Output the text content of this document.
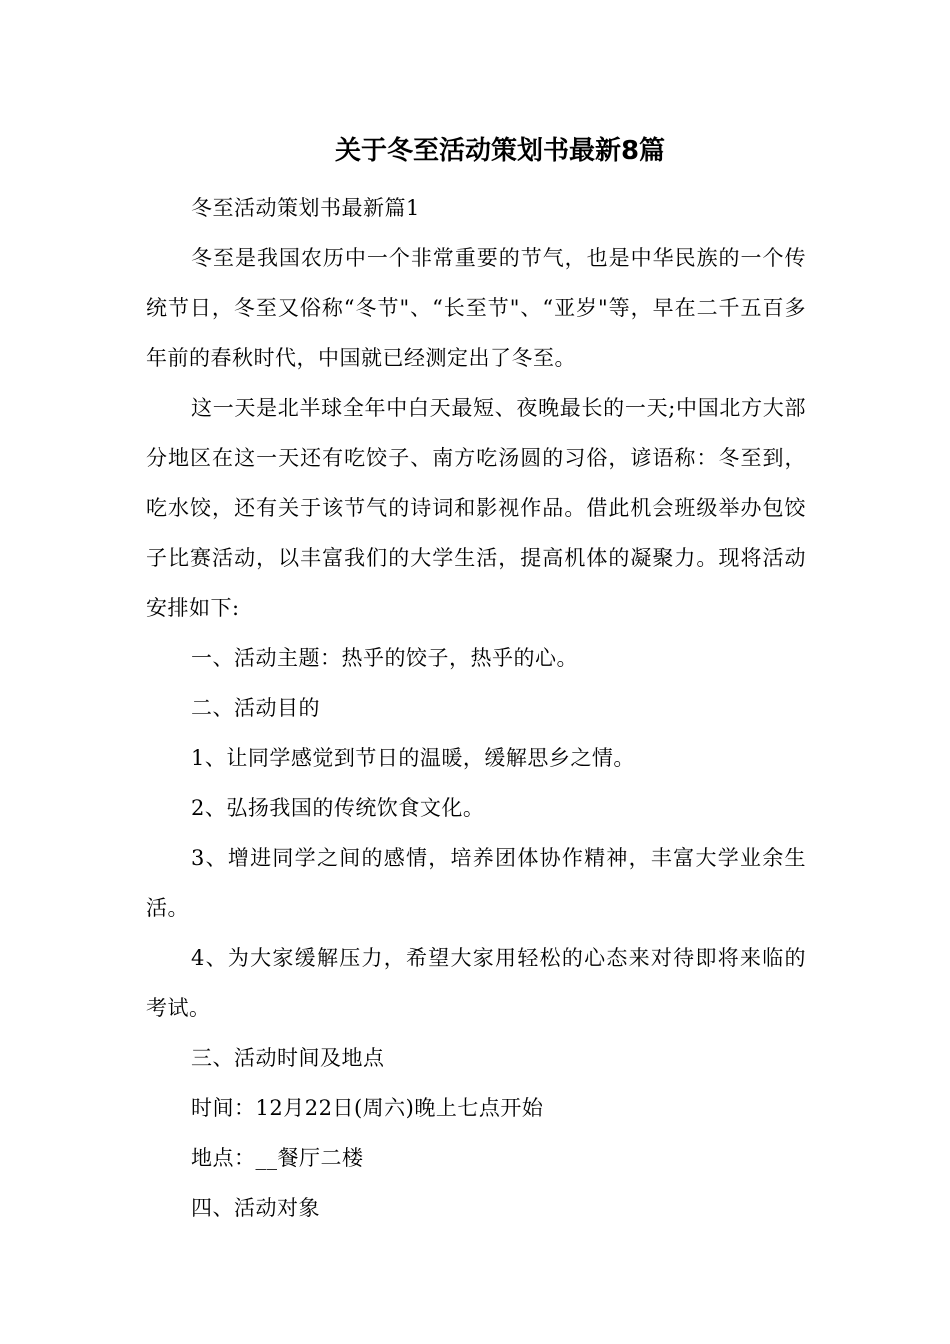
关于冬至活动策划书最新8篇

冬至活动策划书最新篇1

冬至是我国农历中一个非常重要的节气，也是中华民族的一个传统节日，冬至又俗称“冬节"、“长至节"、“亚岁"等，早在二千五百多年前的春秋时代，中国就已经测定出了冬至。

这一天是北半球全年中白天最短、夜晚最长的一天;中国北方大部分地区在这一天还有吃饺子、南方吃汤圆的习俗，谚语称：冬至到，吃水饺，还有关于该节气的诗词和影视作品。借此机会班级举办包饺子比赛活动，以丰富我们的大学生活，提高机体的凝聚力。现将活动安排如下:

一、活动主题：热乎的饺子，热乎的心。

二、活动目的

1、让同学感觉到节日的温暖，缓解思乡之情。

2、弘扬我国的传统饮食文化。

3、增进同学之间的感情，培养团体协作精神，丰富大学业余生活。

4、为大家缓解压力，希望大家用轻松的心态来对待即将来临的考试。

三、活动时间及地点

时间：12月22日(周六)晚上七点开始

地点：__餐厅二楼

四、活动对象
